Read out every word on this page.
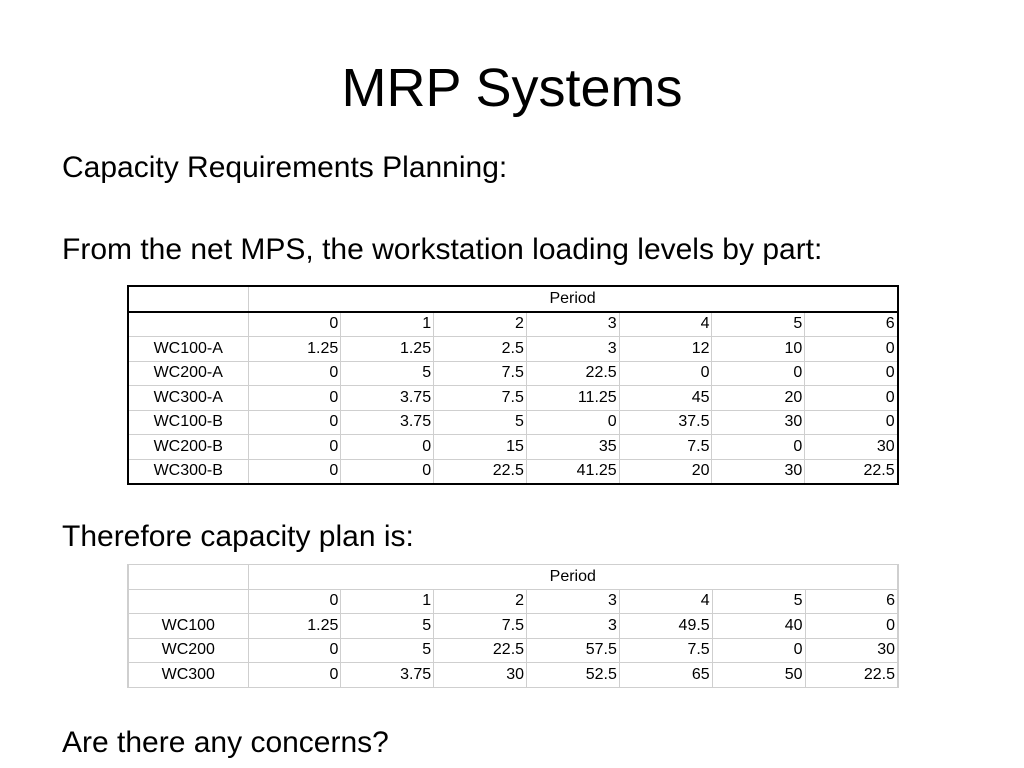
MRP Systems

Capacity Requirements Planning:

From the net MPS, the workstation loading levels by part:

	Period						
	0	1	2	3	4	5	6
WC100-A	1.25	1.25	2.5	3	12	10	0
WC200-A	0	5	7.5	22.5	0	0	0
WC300-A	0	3.75	7.5	11.25	45	20	0
WC100-B	0	3.75	5	0	37.5	30	0
WC200-B	0	0	15	35	7.5	0	30
WC300-B	0	0	22.5	41.25	20	30	22.5

Therefore capacity plan is:

	Period						
	0	1	2	3	4	5	6
WC100	1.25	5	7.5	3	49.5	40	0
WC200	0	5	22.5	57.5	7.5	0	30
WC300	0	3.75	30	52.5	65	50	22.5

Are there any concerns?
